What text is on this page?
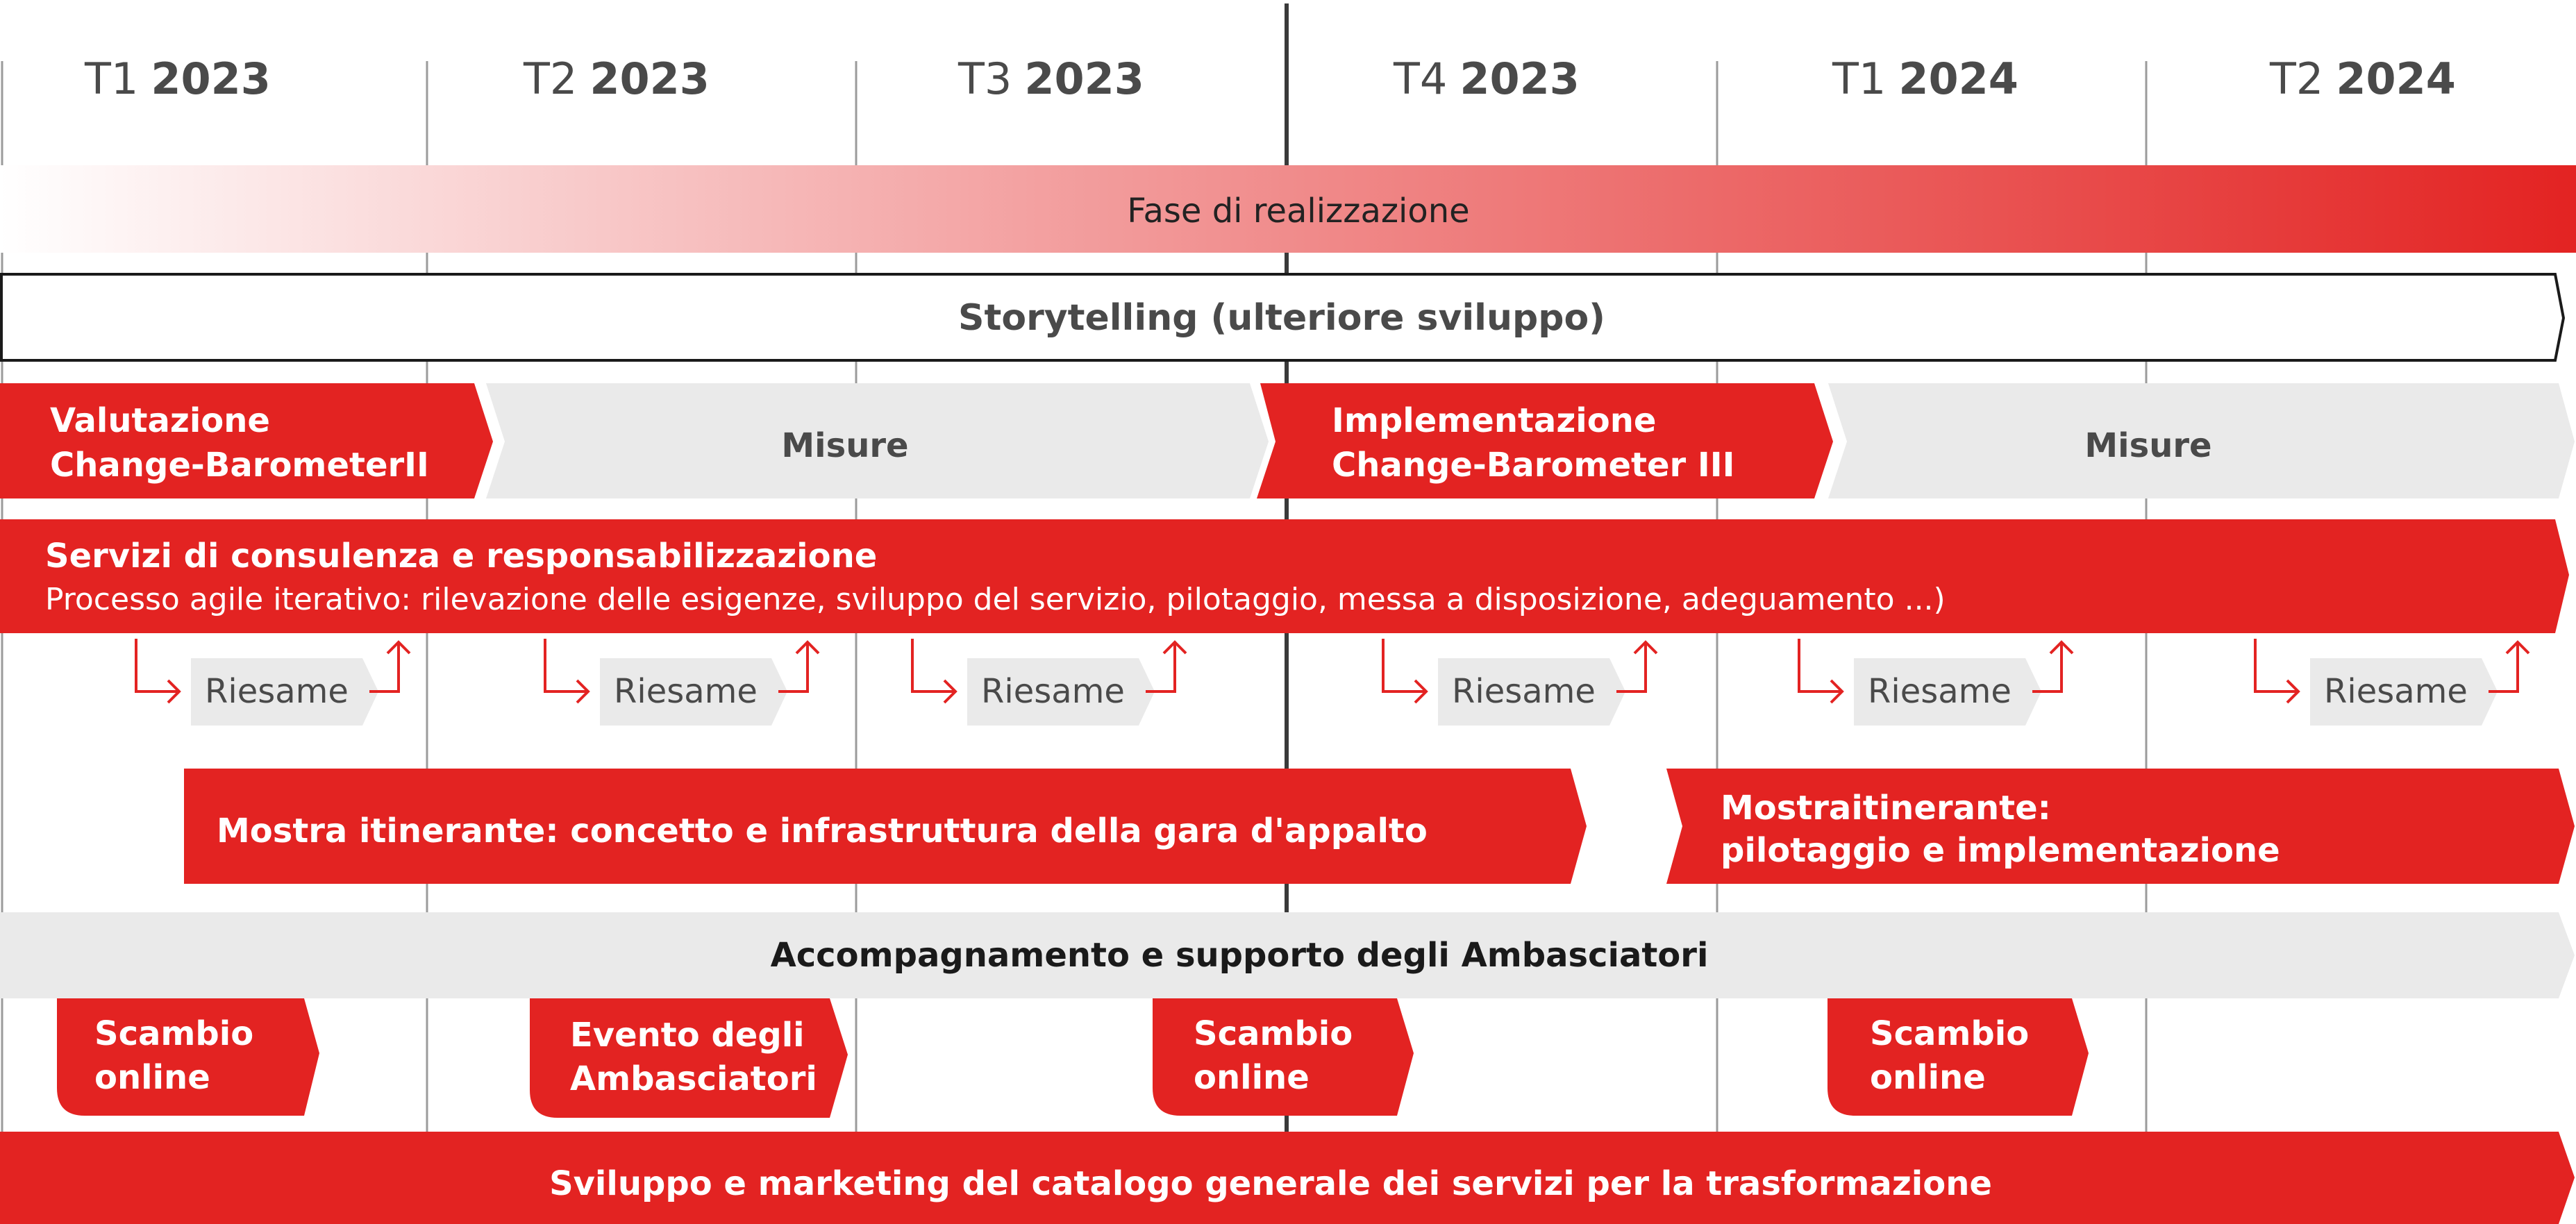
T1 2023	T2 2023	T3 2023	T4 2023	T1 2024	T2 2024
Fase di realizzazione
Storytelling (ulteriore sviluppo)
Valutazione Change-BarometerII	Misure
Implementazione Change-Barometer III	Misure
Servizi di consulenza e responsabilizzazione
Processo agile iterativo: rilevazione delle esigenze, sviluppo del servizio, pilotaggio, messa a disposizione, adeguamento ...)
Riesame	Riesame	Riesame	Riesame	Riesame	Riesame
Mostra itinerante: concetto e infrastruttura della gara d'appalto
Mostraitinerante: pilotaggio e implementazione
Accompagnamento e supporto degli Ambasciatori
Scambio online
Evento degli Ambasciatori
Scambio online
Scambio online
Sviluppo e marketing del catalogo generale dei servizi per la trasformazione
